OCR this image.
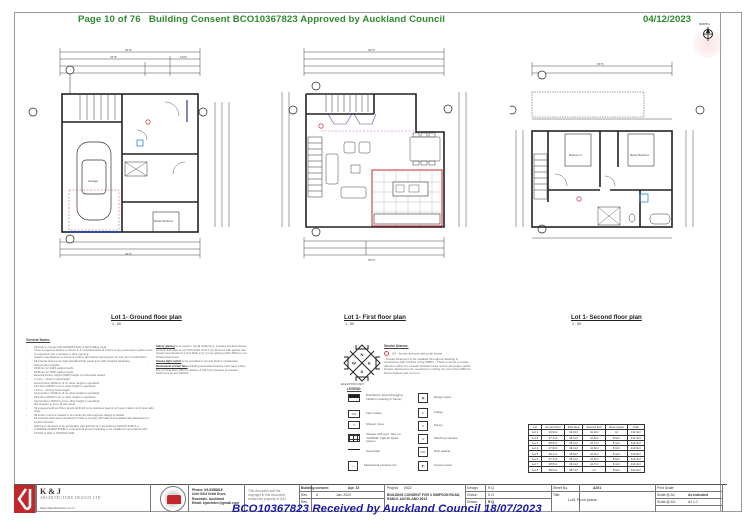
Page 10 of 76   Building Consent BCO10367823 Approved by Auckland Council	04/12/2023	NORTH
6675
4475	1820
6675
Garage
Master Bedroom
Lot 1- Ground floor plan
1 : 50
6675
6675
Lot 1- First floor plan
1 : 50
6675
Bedroom 2	Master Bedroom
Lot 1- Second floor plan
1 : 50
General Notes:
- All work to comply with NZS3604:2011 & NZ building code.
- Truss & engineer beams to inform K & J architectural Ltd if there is any point load or girder truss is supported over a window or door opening.
- Joinery manufacturer to check & confirm all window opening size on site prior to fabrication.
- All internal doors to be high standard flush panel door with selected hardware.
- Internal door heights:
- 2340mm for 2420 ceiling height.
- 2040mm for 2500 ceiling height.
- External joinery height (2400) height not otherwise stated.
- L.G.F.L - Joinery head height
- Ground floor 2100mm (if no other height is specified)
- First floor 2200mm (if no other height is specified)
- L.F.D.L - Joinery head height
- Ground floor 2100mm (if no other height is specified)
- First floor 2200mm (if no other height is specified)
- Second floor 2600mm (if no other height is specified)
- Gib supplier to fix to all wet areas.
- All exposed wall and floor structural finish to be stainless steel & corrosion class C & D near salty zone.
- All timber must be treated to be confirmed with engineer design & details.
- All external stairs and internal floor finish to comply with table 5 Acceptable Slip Resistance in section D1/AS1.
- Glazing to all doors to be acceptable with E2/AS1 & in accordance AS/NZS 2208 & 2.
- A SMOKE ALARM ZONE is extended all around including to be installed in accordance with F7/AS1 & table 2 NZS4514 2011.
- Safety glazing to be used in: (a) all bathrooms, ensuites & toilets shower screens and toilet as per NZS 4223: Part 3, (b) all doors with glazed side panels (see Section 9.1 and Table 9.1), (c) any glazing within 800mm of a finished floor level.
- Smoke light switch to be provided to top and bottom of staircase.
- Mechanical extract fans including associated ducting must have a flow rate not less than: 25L/s to kitchen & 15L/s for showers & ensuites, bathrooms as per G4/AS1.
N
E
S
W
ELEVATION KEY
Smoke Alarms:
SA - Smoke detector with push button
- Smoke Detectors to be installed throughout dwelling in compliance with F7/AS1 of the NZBC. - There must be a smoke detector within 3m of each bedroom door and in all escape paths. Smoke detectors to be mounted on ceiling not more than 300mm below highest part of room.
LEGEND:
Distribution board (Nogging 1200mm spacing in frame)
FW	Floor waste
▭	Shower mixer
Shower wall over. Tiles on "HARDIE" rigid air liquid system
Towel Rail
▢	Mechanical extractor fan
▣	Range Hood
F	Fridge
P	Pantry
W	Washing machine
DW	Dish washer
◩	Access panel
Lot	Ground floor	First floor	Second floor	Deck space	Total
Lot 1	34.9m²	34.9m²	41.2m²	m²	111.0m²
Lot 2	27.1m²	36.1m²	41.6m²	8.6m²	113.4m²
Lot 3	28.5m²	36.1m²	41.7m²	8.1m²	114.4m²
Lot 4	27.6m²	36.1m²	41.6m²	8.6m²	113.9m²
Lot 5	28.1m²	35.8m²	41.6m²	8.1m²	113.6m²
Lot 6	27.1m²	36.1m²	41.6m²	8.6m²	113.4m²
Lot 7	28.5m²	36.1m²	41.7m²	8.1m²	114.4m²
Lot 8	38.0m²	38.7m²	m²	8.6m²	121.9m²
K & J
ARCHITECTURE DESIGN LTD
https://kjarchitecture.co.nz
Phone: 09-6388618
Unit G3/4 Orbit Drive,
Rosedale, Auckland
Email: kjarchitec@gmail.com
This document and the copyright in this document remain the property of K&J
Building consent	Apr. 23
Rev. 6	Jan. 2023
Rev.
Project: 0522
BUILDING CONSENT FOR 3 SIMPSON ROAD, RANUI, AUCKLAND 0612
Design:	R.Q
Check:	K.G
Drawn:	R.Q
Sheet No.	A201
Title:
Lot1 Floor plans
Print Scale:
Scale @ A1:	As indicated
Scale @ A3:	A1 x 2
BCO10367823 Received by Auckland Council 18/07/2023
